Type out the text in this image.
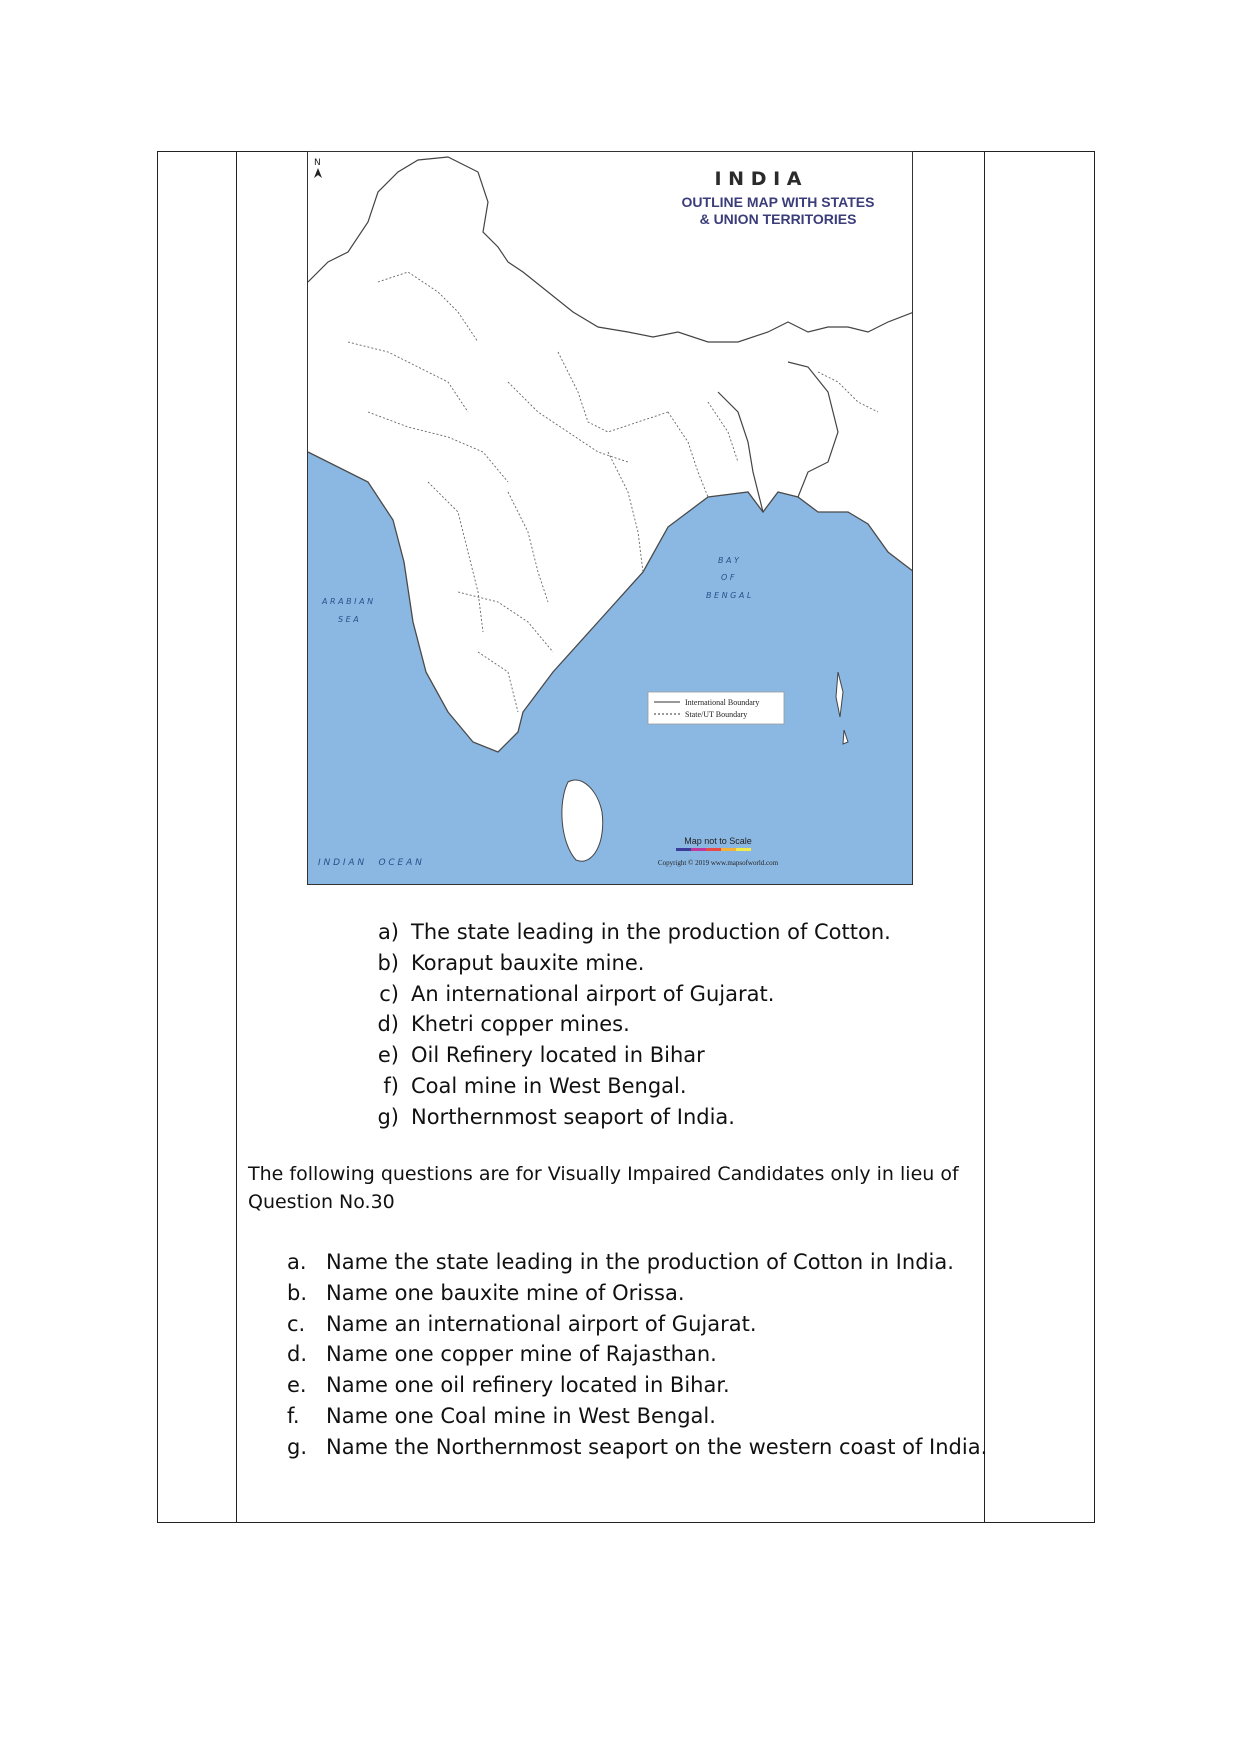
N
I N D I A
OUTLINE MAP WITH STATES
& UNION TERRITORIES
A R A B I A N
S E A
B A Y
O F
B E N G A L
I N D I A N     O C E A N
International Boundary
State/UT Boundary
Map not to Scale
Copyright © 2019 www.mapsofworld.com
a) The state leading in the production of Cotton.
b) Koraput bauxite mine.
c) An international airport of Gujarat.
d) Khetri copper mines.
e) Oil Refinery located in Bihar
f) Coal mine in West Bengal.
g) Northernmost seaport of India.
The following questions are for Visually Impaired Candidates only in lieu of Question No.30
a. Name the state leading in the production of Cotton in India.
b. Name one bauxite mine of Orissa.
c. Name an international airport of Gujarat.
d. Name one copper mine of Rajasthan.
e. Name one oil refinery located in Bihar.
f.	Name one Coal mine in West Bengal.
g. Name the Northernmost seaport on the western coast of India.
